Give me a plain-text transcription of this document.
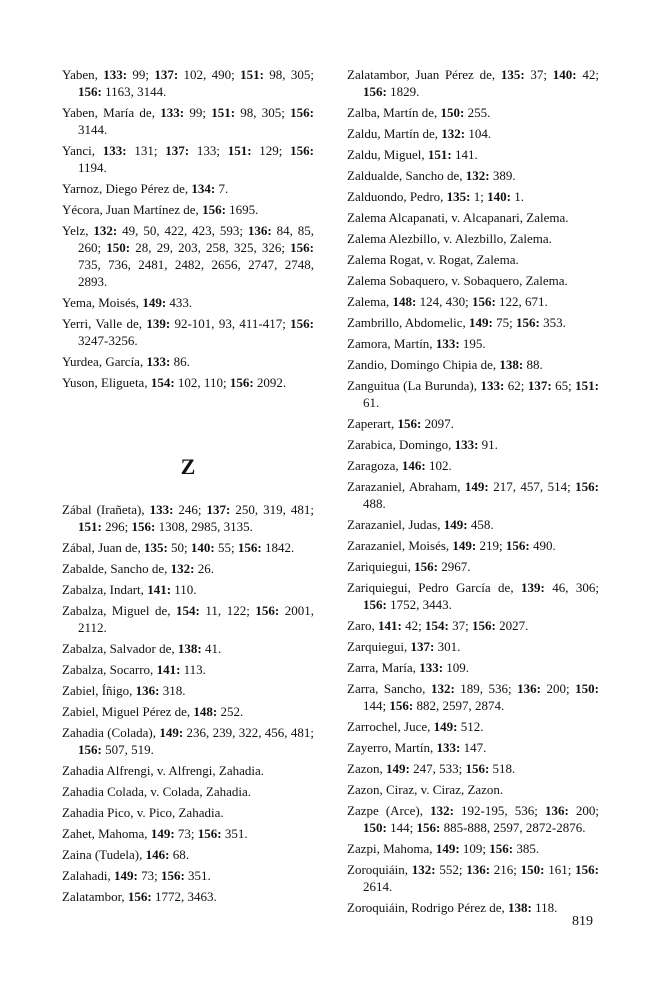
Yaben, 133: 99; 137: 102, 490; 151: 98, 305; 156: 1163, 3144.

Yaben, María de, 133: 99; 151: 98, 305; 156: 3144.

Yanci, 133: 131; 137: 133; 151: 129; 156: 1194.

Yarnoz, Diego Pérez de, 134: 7.

Yécora, Juan Martínez de, 156: 1695.

Yelz, 132: 49, 50, 422, 423, 593; 136: 84, 85, 260; 150: 28, 29, 203, 258, 325, 326; 156: 735, 736, 2481, 2482, 2656, 2747, 2748, 2893.

Yema, Moisés, 149: 433.

Yerri, Valle de, 139: 92-101, 93, 411-417; 156: 3247-3256.

Yurdea, García, 133: 86.

Yuson, Eligueta, 154: 102, 110; 156: 2092.

Z

Zábal (Irañeta), 133: 246; 137: 250, 319, 481; 151: 296; 156: 1308, 2985, 3135.

Zábal, Juan de, 135: 50; 140: 55; 156: 1842.

Zabalde, Sancho de, 132: 26.

Zabalza, Indart, 141: 110.

Zabalza, Miguel de, 154: 11, 122; 156: 2001, 2112.

Zabalza, Salvador de, 138: 41.

Zabalza, Socarro, 141: 113.

Zabiel, Íñigo, 136: 318.

Zabiel, Miguel Pérez de, 148: 252.

Zahadia (Colada), 149: 236, 239, 322, 456, 481; 156: 507, 519.

Zahadia Alfrengi, v. Alfrengi, Zahadia.

Zahadia Colada, v. Colada, Zahadia.

Zahadia Pico, v. Pico, Zahadia.

Zahet, Mahoma, 149: 73; 156: 351.

Zaina (Tudela), 146: 68.

Zalahadi, 149: 73; 156: 351.

Zalatambor, 156: 1772, 3463.

Zalatambor, Juan Pérez de, 135: 37; 140: 42; 156: 1829.

Zalba, Martín de, 150: 255.

Zaldu, Martín de, 132: 104.

Zaldu, Miguel, 151: 141.

Zaldualde, Sancho de, 132: 389.

Zalduondo, Pedro, 135: 1; 140: 1.

Zalema Alcapanati, v. Alcapanari, Zalema.

Zalema Alezbillo, v. Alezbillo, Zalema.

Zalema Rogat, v. Rogat, Zalema.

Zalema Sobaquero, v. Sobaquero, Zalema.

Zalema, 148: 124, 430; 156: 122, 671.

Zambrillo, Abdomelic, 149: 75; 156: 353.

Zamora, Martín, 133: 195.

Zandio, Domingo Chipia de, 138: 88.

Zanguitua (La Burunda), 133: 62; 137: 65; 151: 61.

Zaperart, 156: 2097.

Zarabica, Domingo, 133: 91.

Zaragoza, 146: 102.

Zarazaniel, Abraham, 149: 217, 457, 514; 156: 488.

Zarazaniel, Judas, 149: 458.

Zarazaniel, Moisés, 149: 219; 156: 490.

Zariquiegui, 156: 2967.

Zariquiegui, Pedro García de, 139: 46, 306; 156: 1752, 3443.

Zaro, 141: 42; 154: 37; 156: 2027.

Zarquiegui, 137: 301.

Zarra, María, 133: 109.

Zarra, Sancho, 132: 189, 536; 136: 200; 150: 144; 156: 882, 2597, 2874.

Zarrochel, Juce, 149: 512.

Zayerro, Martín, 133: 147.

Zazon, 149: 247, 533; 156: 518.

Zazon, Ciraz, v. Ciraz, Zazon.

Zazpe (Arce), 132: 192-195, 536; 136: 200; 150: 144; 156: 885-888, 2597, 2872-2876.

Zazpi, Mahoma, 149: 109; 156: 385.

Zoroquiáin, 132: 552; 136: 216; 150: 161; 156: 2614.

Zoroquiáin, Rodrigo Pérez de, 138: 118.

819
